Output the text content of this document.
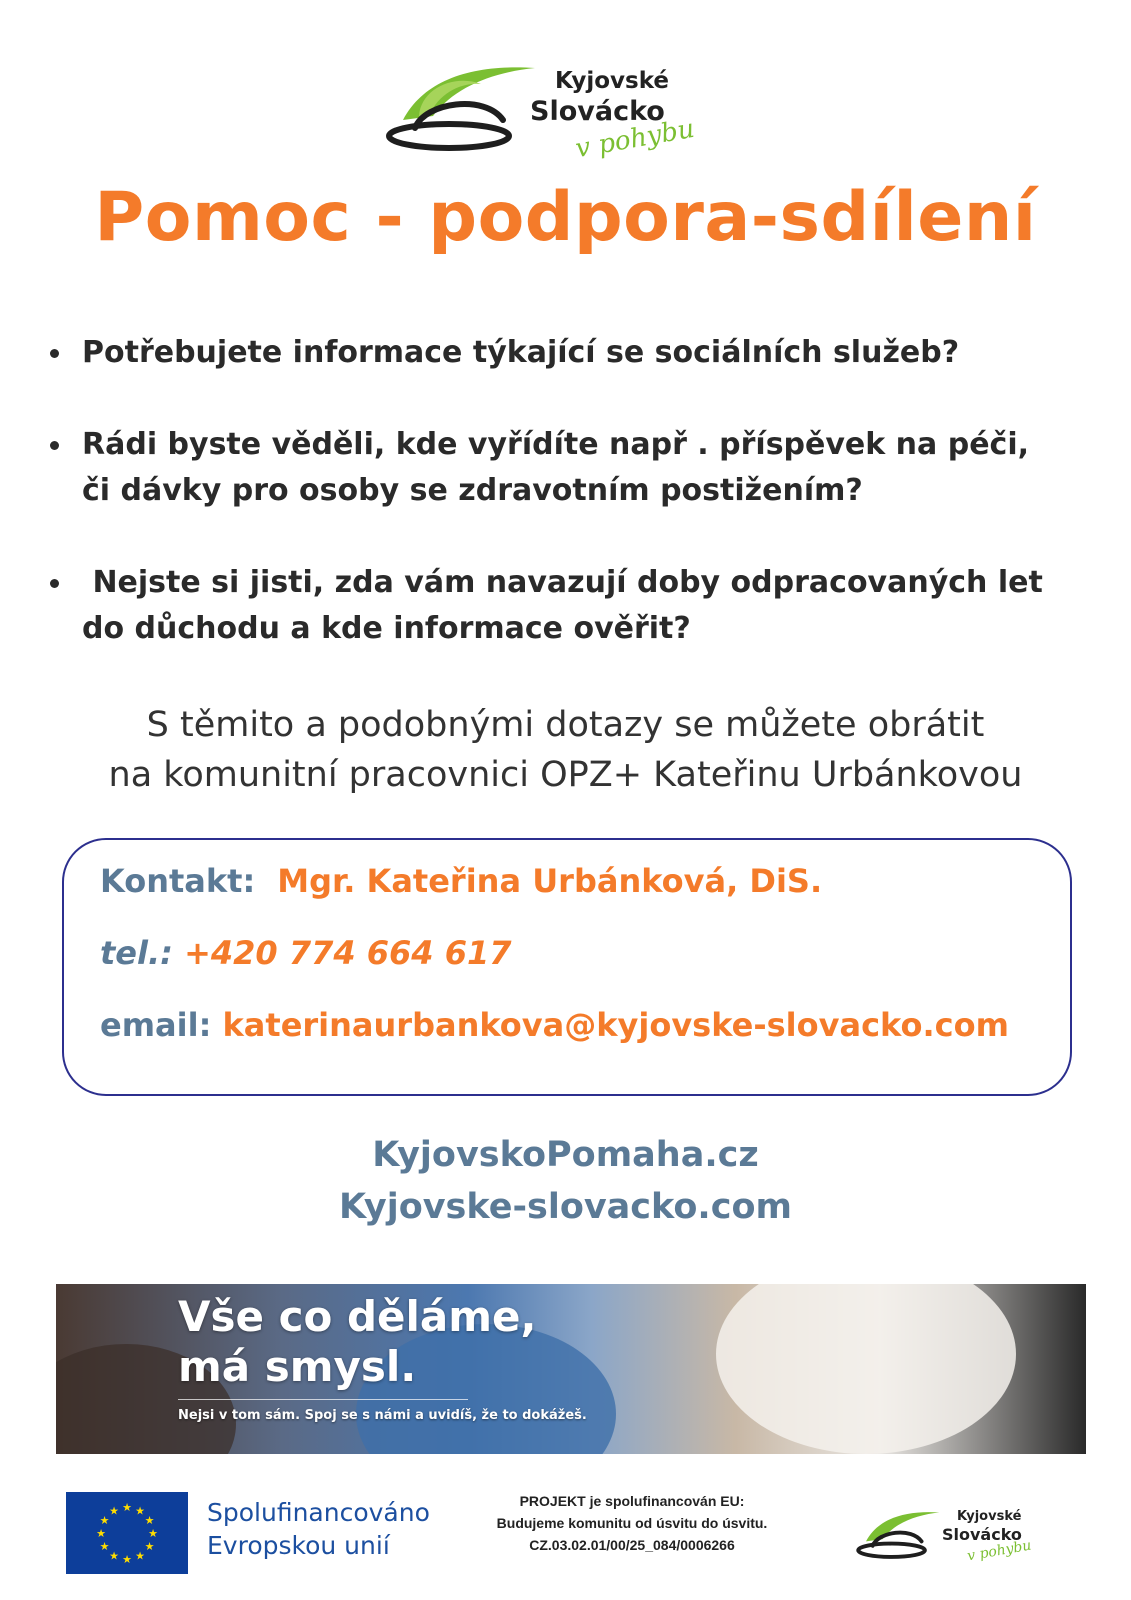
Kyjovské
Slovácko
v pohybu
Pomoc - podpora-sdílení
Potřebujete informace týkající se sociálních služeb?
Rádi byste věděli, kde vyřídíte např . příspěvek na péči,
či dávky pro osoby se zdravotním postižením?
Nejste si jisti, zda vám navazují doby odpracovaných let
do důchodu a kde informace ověřit?
S těmito a podobnými dotazy se můžete obrátit
na komunitní pracovnici OPZ+ Kateřinu Urbánkovou
Kontakt: Mgr. Kateřina Urbánková, DiS.
tel.: +420 774 664 617
email: katerinaurbankova@kyjovske-slovacko.com
KyjovskoPomaha.cz
Kyjovske-slovacko.com
Vše co děláme,
má smysl.
Nejsi v tom sám. Spoj se s námi a uvidíš, že to dokážeš.
★ ★
★
★
★
★
★
★
★
★
★
★	Spolufinancováno
Evropskou unií
PROJEKT je spolufinancován EU:
Budujeme komunitu od úsvitu do úsvitu.
CZ.03.02.01/00/25_084/0006266
Kyjovské
Slovácko
v pohybu
